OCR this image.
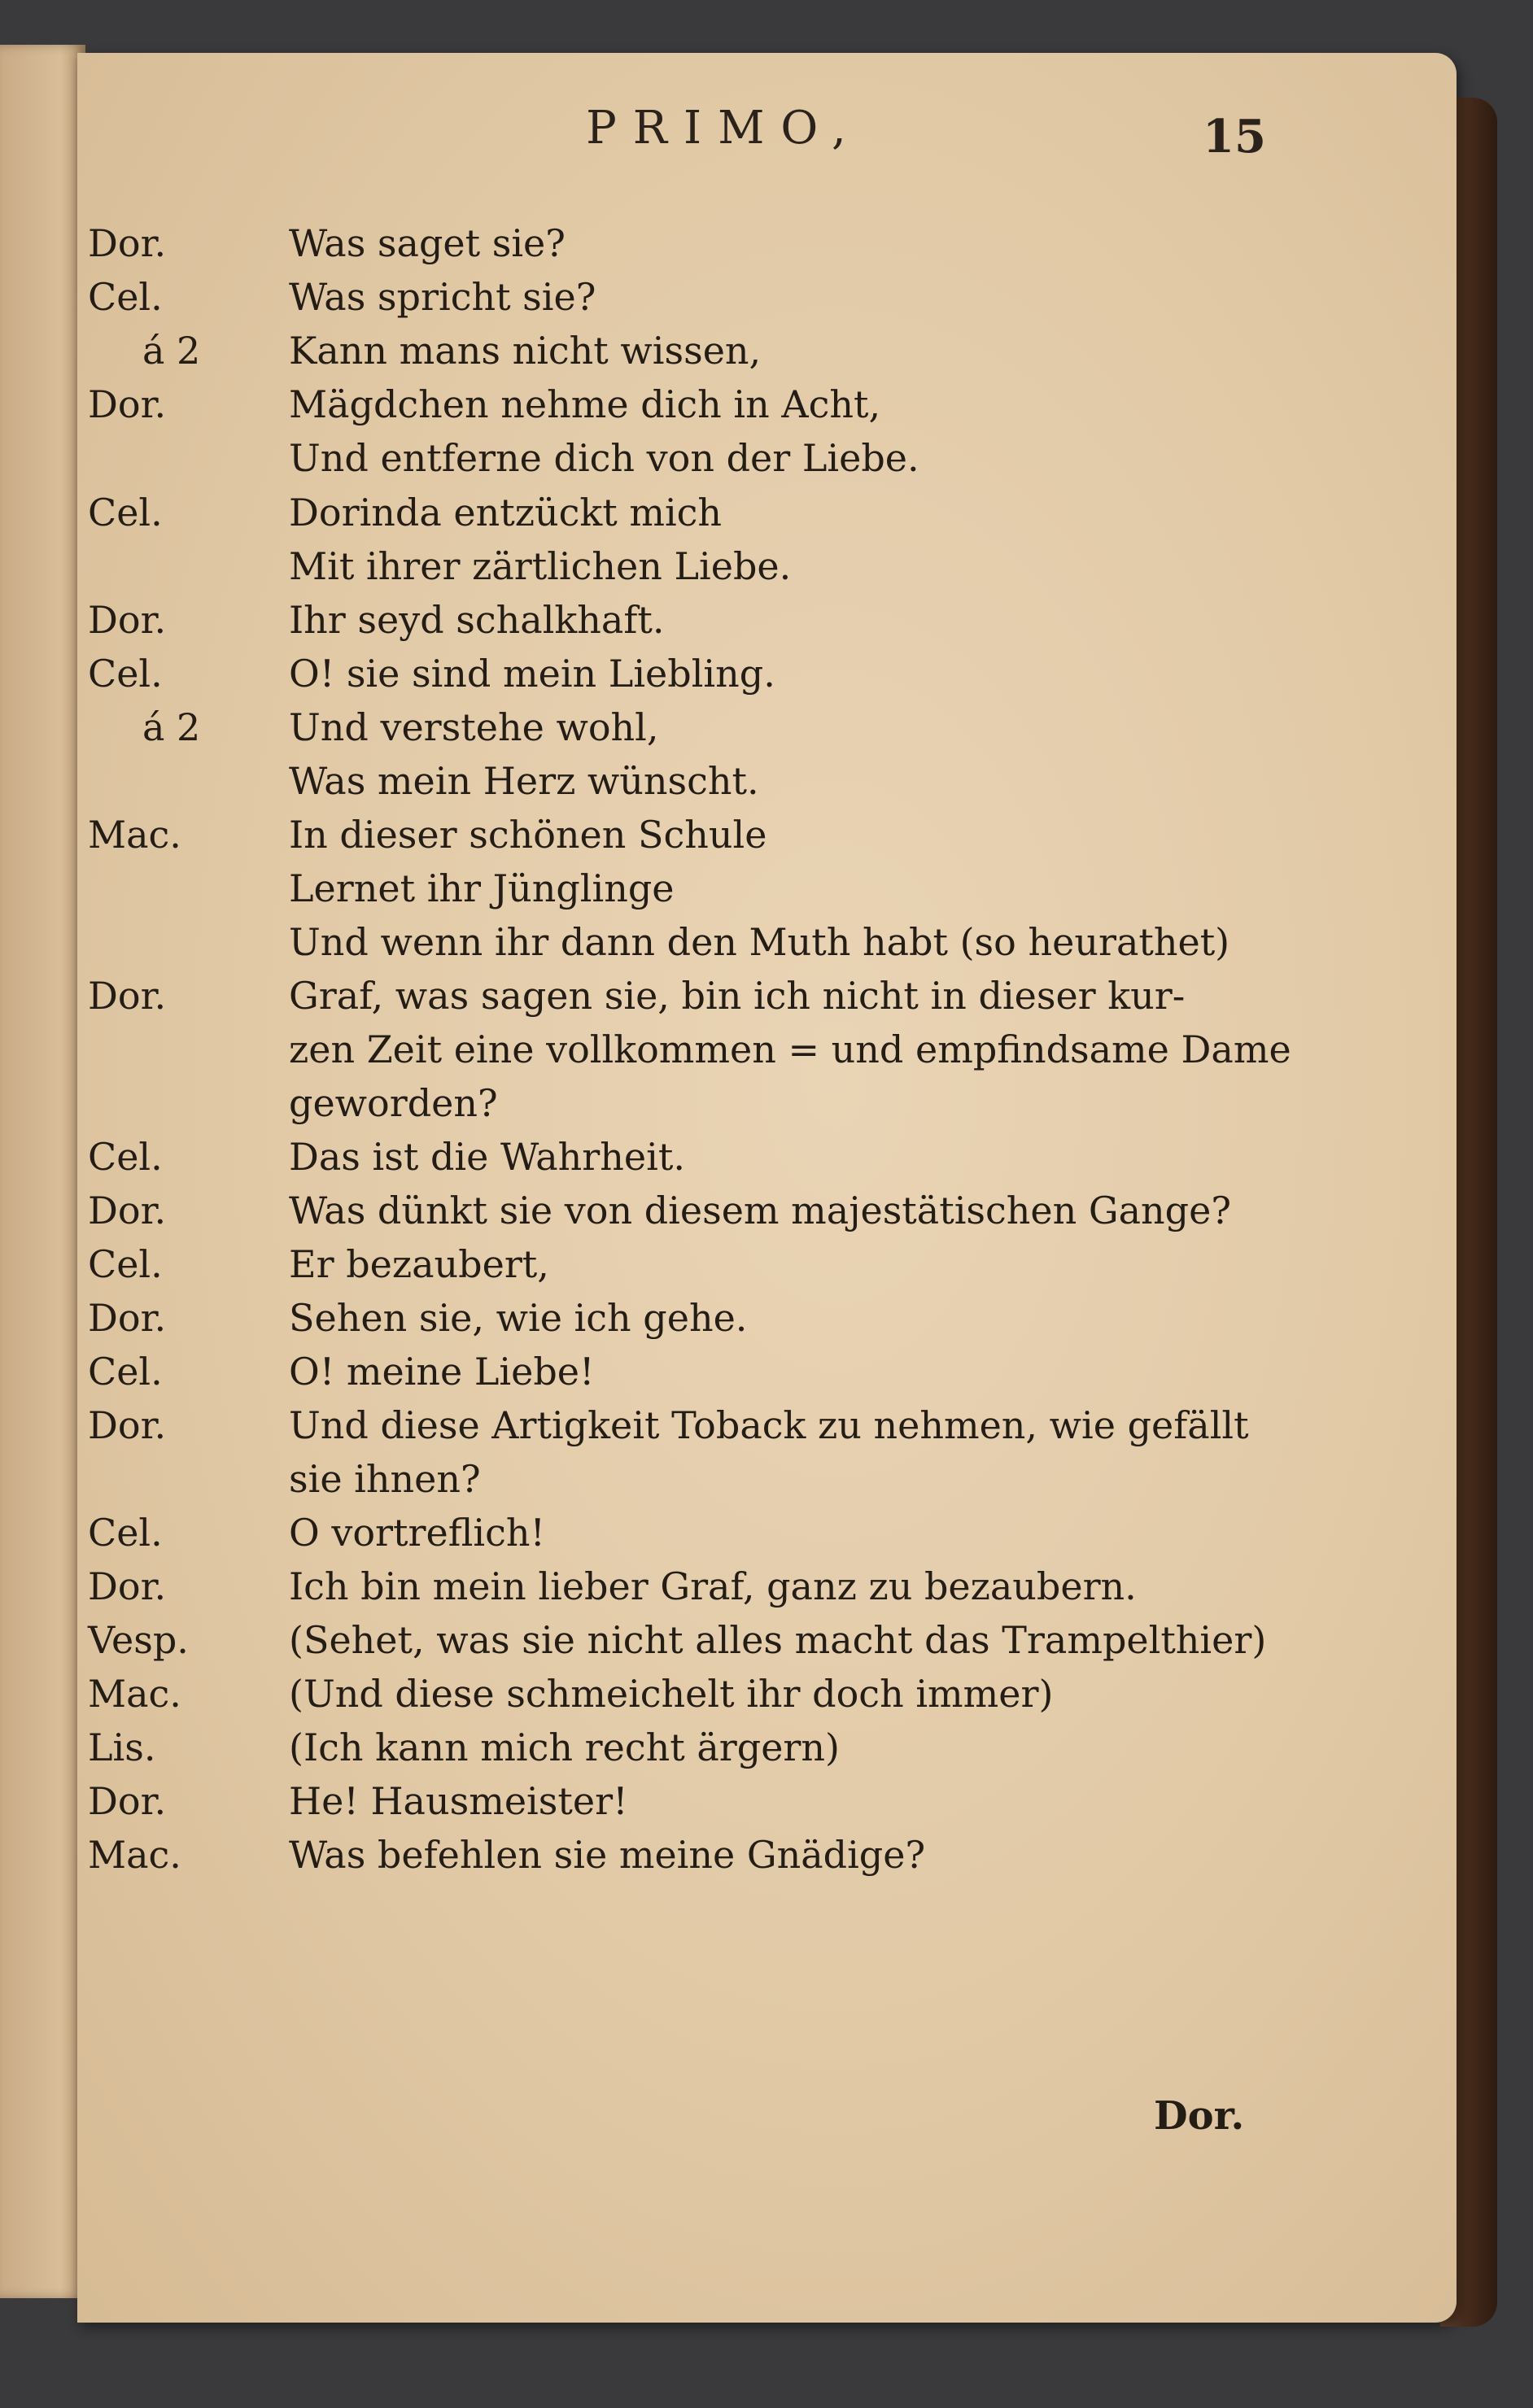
PRIMO,	15
Dor.	Was saget sie?
Cel.	Was spricht sie?
á 2	Kann mans nicht wissen,
Dor.	Mägdchen nehme dich in Acht,
Und entferne dich von der Liebe.
Cel.	Dorinda entzückt mich
Mit ihrer zärtlichen Liebe.
Dor.	Ihr seyd schalkhaft.
Cel.	O! sie sind mein Liebling.
á 2	Und verstehe wohl,
Was mein Herz wünscht.
Mac.	In dieser schönen Schule
Lernet ihr Jünglinge
Und wenn ihr dann den Muth habt (so heurathet)
Dor.	Graf, was sagen sie, bin ich nicht in dieser kur-
zen Zeit eine vollkommen = und empfindsame Dame
geworden?
Cel.	Das ist die Wahrheit.
Dor.	Was dünkt sie von diesem majestätischen Gange?
Cel.	Er bezaubert,
Dor.	Sehen sie, wie ich gehe.
Cel.	O! meine Liebe!
Dor.	Und diese Artigkeit Toback zu nehmen, wie gefällt
sie ihnen?
Cel.	O vortreflich!
Dor.	Ich bin mein lieber Graf, ganz zu bezaubern.
Vesp.	(Sehet, was sie nicht alles macht das Trampelthier)
Mac.	(Und diese schmeichelt ihr doch immer)
Lis.	(Ich kann mich recht ärgern)
Dor.	He! Hausmeister!
Mac.	Was befehlen sie meine Gnädige?
Dor.
